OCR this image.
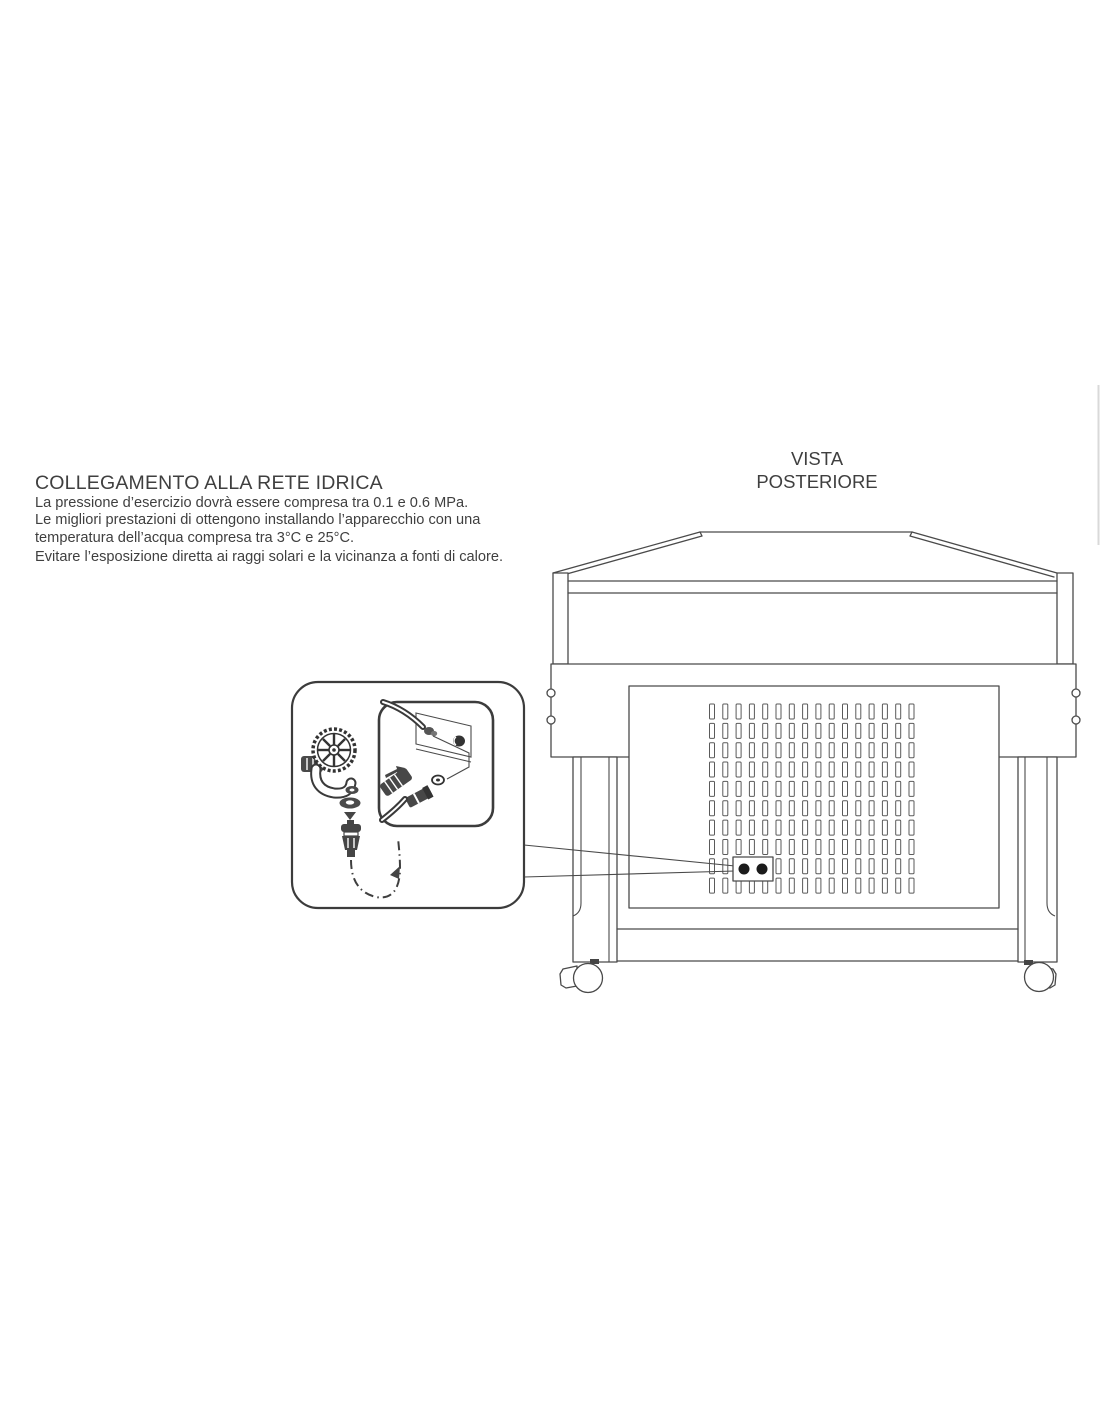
COLLEGAMENTO ALLA RETE IDRICA
La pressione d’esercizio dovrà essere compresa tra 0.1 e 0.6 MPa.
Le migliori prestazioni di ottengono installando l’apparecchio con una
temperatura dell’acqua compresa tra 3°C e 25°C.
Evitare l’esposizione diretta ai raggi solari e la vicinanza a fonti di calore.
VISTA
POSTERIORE
